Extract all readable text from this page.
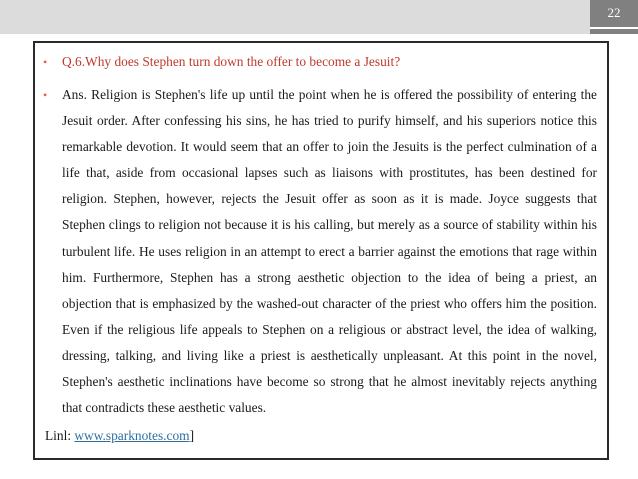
22
• Q.6.Why does Stephen turn down the offer to become a Jesuit?
• Ans. Religion is Stephen's life up until the point when he is offered the possibility of entering the Jesuit order. After confessing his sins, he has tried to purify himself, and his superiors notice this remarkable devotion. It would seem that an offer to join the Jesuits is the perfect culmination of a life that, aside from occasional lapses such as liaisons with prostitutes, has been destined for religion. Stephen, however, rejects the Jesuit offer as soon as it is made. Joyce suggests that Stephen clings to religion not because it is his calling, but merely as a source of stability within his turbulent life. He uses religion in an attempt to erect a barrier against the emotions that rage within him. Furthermore, Stephen has a strong aesthetic objection to the idea of being a priest, an objection that is emphasized by the washed-out character of the priest who offers him the position. Even if the religious life appeals to Stephen on a religious or abstract level, the idea of walking, dressing, talking, and living like a priest is aesthetically unpleasant. At this point in the novel, Stephen's aesthetic inclinations have become so strong that he almost inevitably rejects anything that contradicts these aesthetic values.
Linl: www.sparknotes.com]
